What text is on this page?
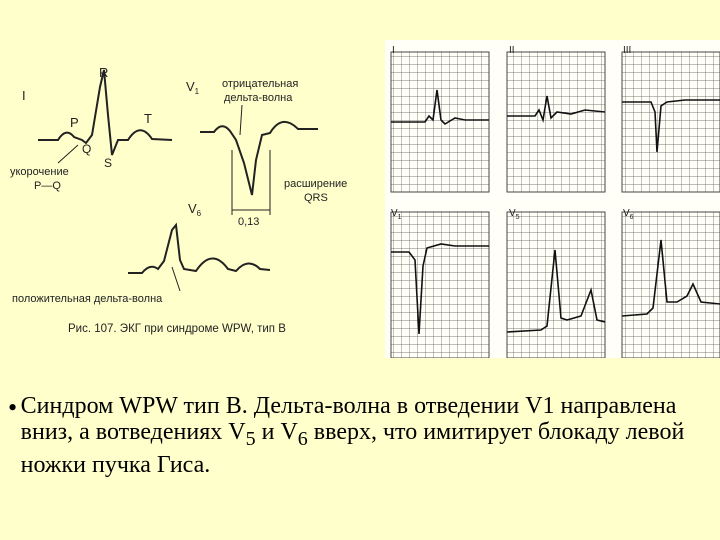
I
R
P	T
Q
S
укорочение
P—Q
$V_1$
отрицательная
дельта-волна
расширение
QRS
0,13
$V_6$
положительная дельта-волна
Рис. 107. ЭКГ при синдроме WPW, тип В
I	II	III
$V_1$	$V_5$	$V_6$
• Синдром WPW тип B. Дельта-волна в отведении V1 направлена вниз, а вотведениях $V_5$ и $V_6$ вверх, что имитирует блокаду левой ножки пучка Гиса.
